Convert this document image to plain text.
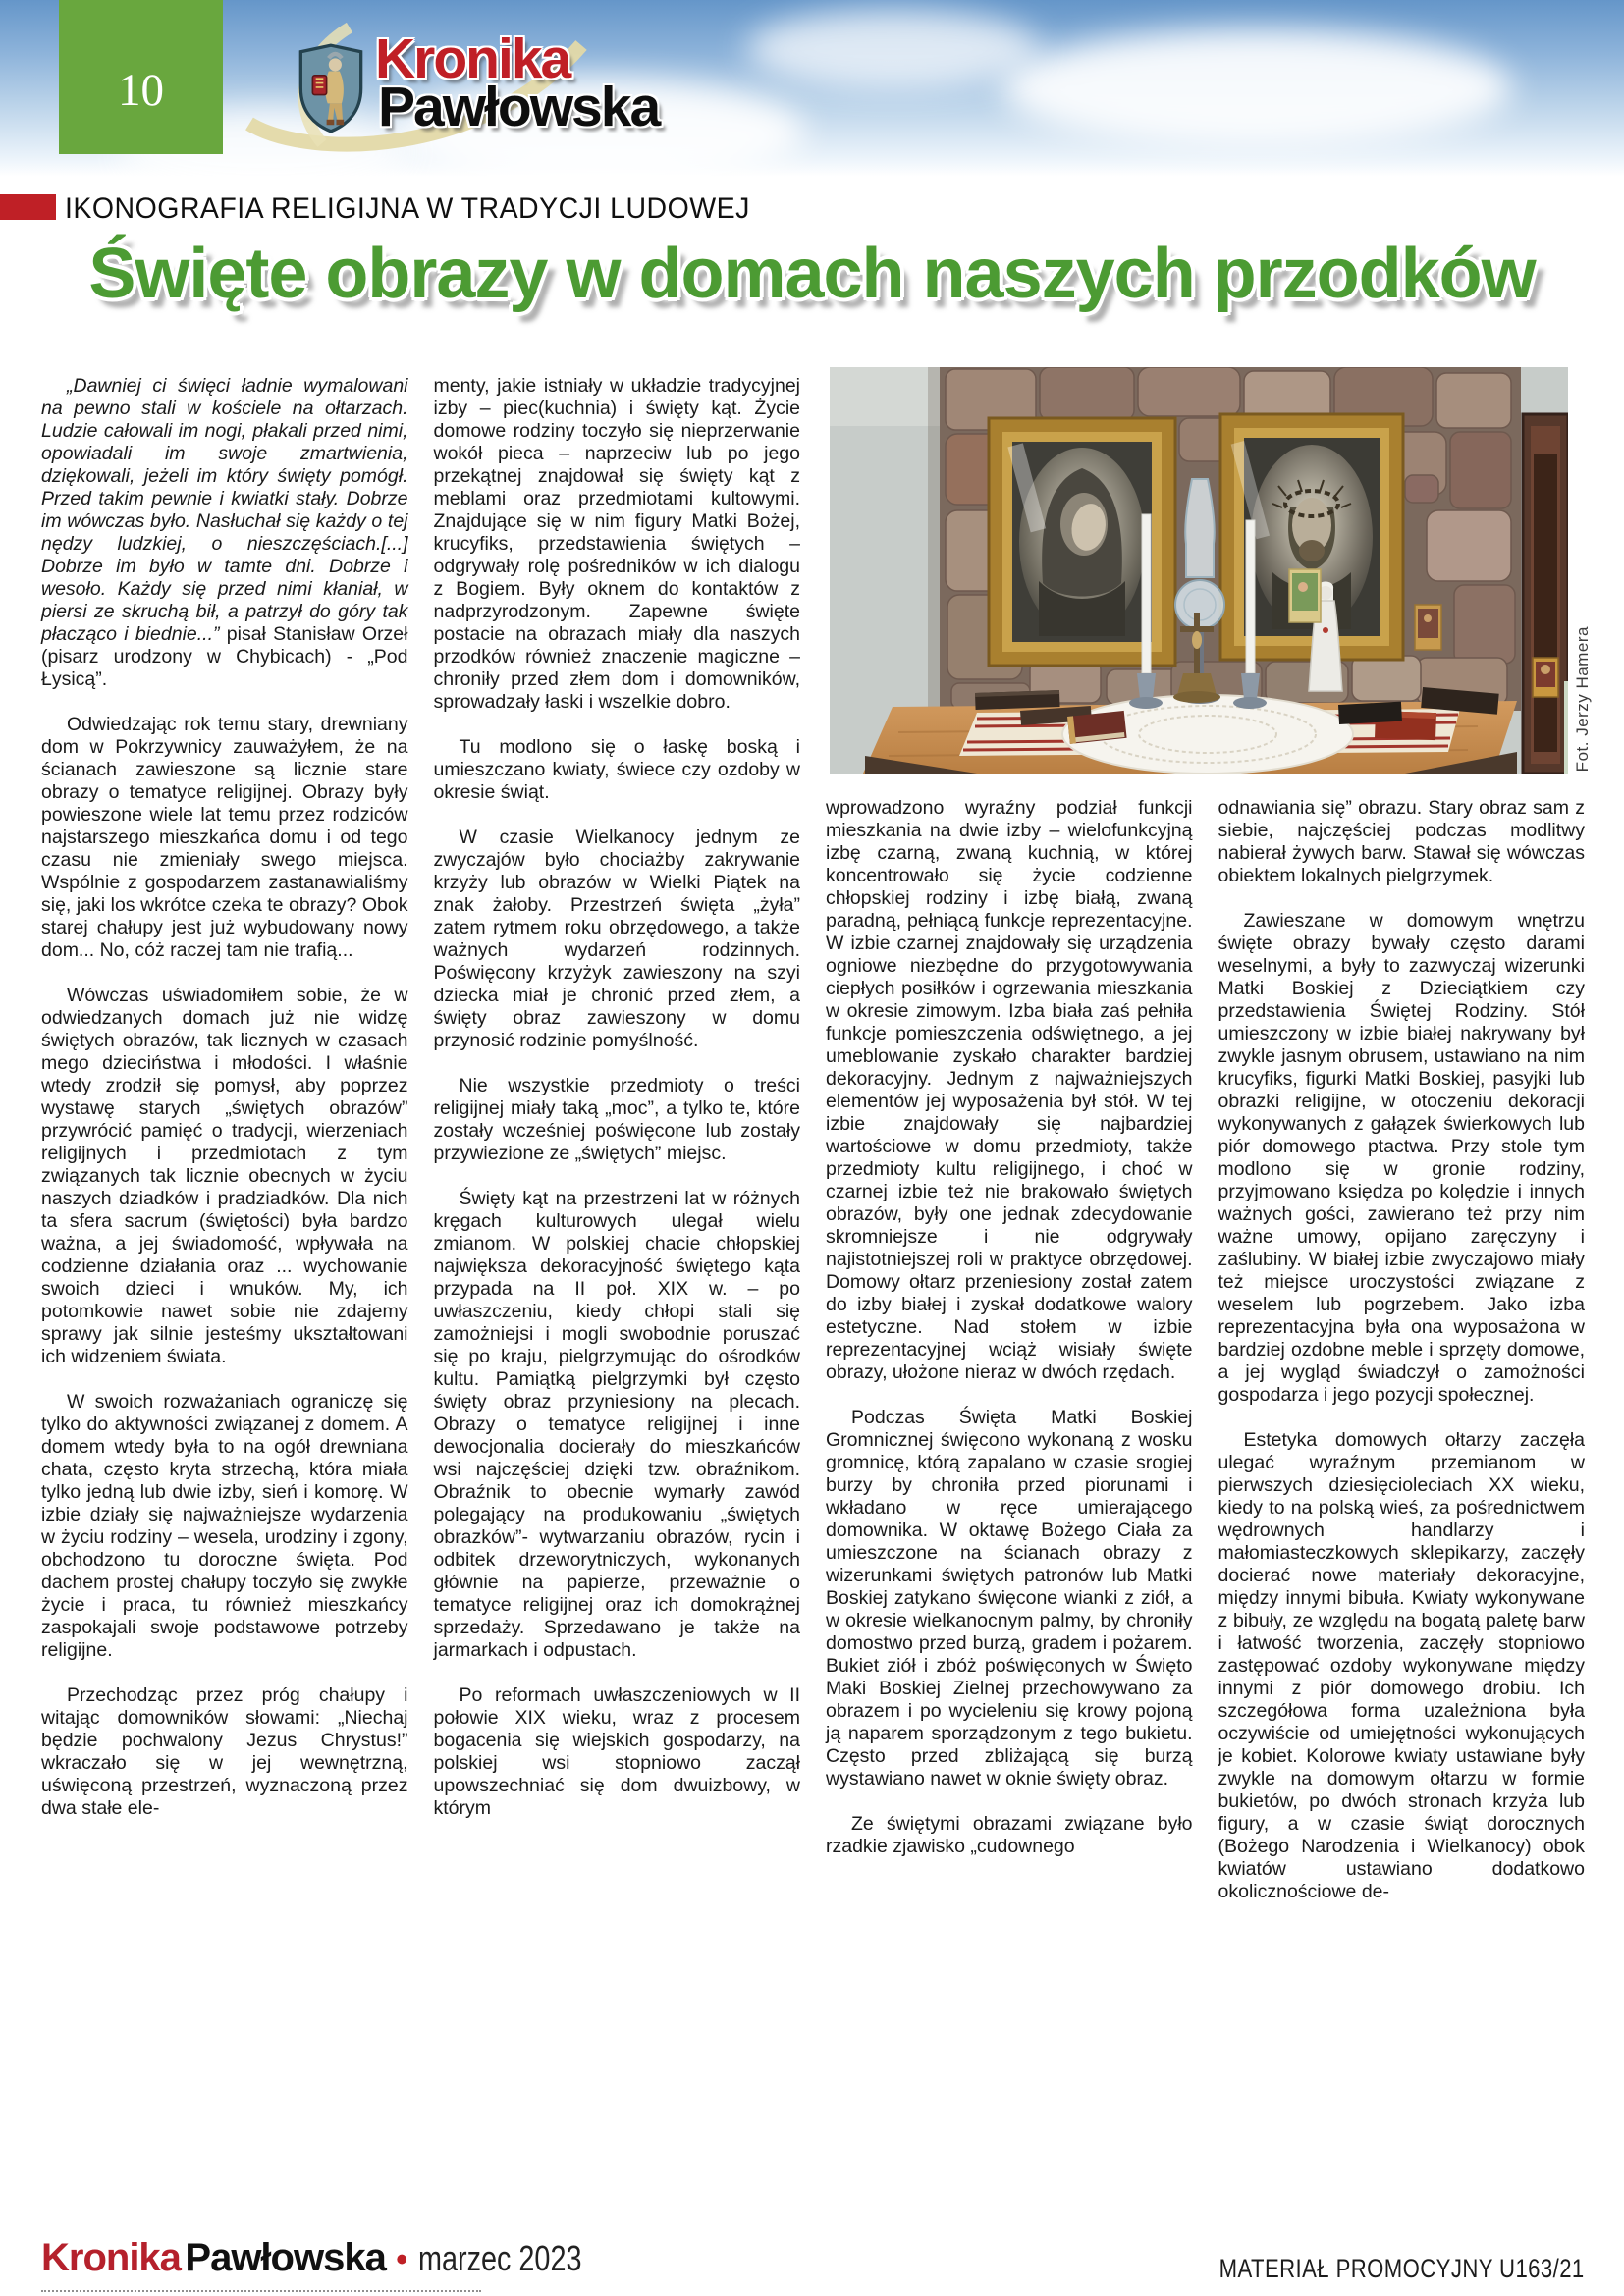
10	Kronika
Pawłowska
IKONOGRAFIA RELIGIJNA W TRADYCJI LUDOWEJ
Święte obrazy w domach naszych przodków
Fot. Jerzy Hamera

„Dawniej ci święci ładnie wymalowani na pewno stali w kościele na ołtarzach. Ludzie całowali im nogi, płakali przed nimi, opowiadali im swoje zmartwienia, dziękowali, jeżeli im który święty pomógł. Przed takim pewnie i kwiatki stały. Dobrze im wówczas było. Nasłuchał się każdy o tej nędzy ludzkiej, o nieszczęściach.[...] Dobrze im było w tamte dni. Dobrze i wesoło. Każdy się przed nimi kłaniał, w piersi ze skruchą bił, a patrzył do góry tak płacząco i biednie...” pisał Stanisław Orzeł (pisarz urodzony w Chybicach) - „Pod Łysicą”.

Odwiedzając rok temu stary, drewniany dom w Pokrzywnicy zauważyłem, że na ścianach zawieszone są licznie stare obrazy o tematyce religijnej. Obrazy były powieszone wiele lat temu przez rodziców najstarszego mieszkańca domu i od tego czasu nie zmieniały swego miejsca. Wspólnie z gospodarzem zastanawialiśmy się, jaki los wkrótce czeka te obrazy? Obok starej chałupy jest już wybudowany nowy dom... No, cóż raczej tam nie trafią...

Wówczas uświadomiłem sobie, że w odwiedzanych domach już nie widzę świętych obrazów, tak licznych w czasach mego dzieciństwa i młodości. I właśnie wtedy zrodził się pomysł, aby poprzez wystawę starych „świętych obrazów” przywrócić pamięć o tradycji, wierzeniach religijnych i przedmiotach z tym związanych tak licznie obecnych w życiu naszych dziadków i pradziadków. Dla nich ta sfera sacrum (świętości) była bardzo ważna, a jej świadomość, wpływała na codzienne działania oraz ... wychowanie swoich dzieci i wnuków. My, ich potomkowie nawet sobie nie zdajemy sprawy jak silnie jesteśmy ukształtowani ich widzeniem świata.

W swoich rozważaniach ograniczę się tylko do aktywności związanej z domem. A domem wtedy była to na ogół drewniana chata, często kryta strzechą, która miała tylko jedną lub dwie izby, sień i komorę. W izbie działy się najważniejsze wydarzenia w życiu rodziny – wesela, urodziny i zgony, obchodzono tu doroczne święta. Pod dachem prostej chałupy toczyło się zwykłe życie i praca, tu również mieszkańcy zaspokajali swoje podstawowe potrzeby religijne.

Przechodząc przez próg chałupy i witając domowników słowami: „Niechaj będzie pochwalony Jezus Chrystus!” wkraczało się w jej wewnętrzną, uświęconą przestrzeń, wyznaczoną przez dwa stałe ele-

menty, jakie istniały w układzie tradycyjnej izby – piec(kuchnia) i święty kąt. Życie domowe rodziny toczyło się nieprzerwanie wokół pieca – naprzeciw lub po jego przekątnej znajdował się święty kąt z meblami oraz przedmiotami kultowymi. Znajdujące się w nim figury Matki Bożej, krucyfiks, przedstawienia świętych – odgrywały rolę pośredników w ich dialogu z Bogiem. Były oknem do kontaktów z nadprzyrodzonym. Zapewne święte postacie na obrazach miały dla naszych przodków również znaczenie magiczne – chroniły przed złem dom i domowników, sprowadzały łaski i wszelkie dobro.

Tu modlono się o łaskę boską i umieszczano kwiaty, świece czy ozdoby w okresie świąt.

W czasie Wielkanocy jednym ze zwyczajów było chociażby zakrywanie krzyży lub obrazów w Wielki Piątek na znak żałoby. Przestrzeń święta „żyła” zatem rytmem roku obrzędowego, a także ważnych wydarzeń rodzinnych. Poświęcony krzyżyk zawieszony na szyi dziecka miał je chronić przed złem, a święty obraz zawieszony w domu przynosić rodzinie pomyślność.

Nie wszystkie przedmioty o treści religijnej miały taką „moc”, a tylko te, które zostały wcześniej poświęcone lub zostały przywiezione ze „świętych” miejsc.

Święty kąt na przestrzeni lat w różnych kręgach kulturowych ulegał wielu zmianom. W polskiej chacie chłopskiej największa dekoracyjność świętego kąta przypada na II poł. XIX w. – po uwłaszczeniu, kiedy chłopi stali się zamożniejsi i mogli swobodnie poruszać się po kraju, pielgrzymując do ośrodków kultu. Pamiątką pielgrzymki był często święty obraz przyniesiony na plecach. Obrazy o tematyce religijnej i inne dewocjonalia docierały do mieszkańców wsi najczęściej dzięki tzw. obraźnikom. Obraźnik to obecnie wymarły zawód polegający na produkowaniu „świętych obrazków”- wytwarzaniu obrazów, rycin i odbitek drzeworytniczych, wykonanych głównie na papierze, przeważnie o tematyce religijnej oraz ich domokrążnej sprzedaży. Sprzedawano je także na jarmarkach i odpustach.

Po reformach uwłaszczeniowych w II połowie XIX wieku, wraz z procesem bogacenia się wiejskich gospodarzy, na polskiej wsi stopniowo zaczął upowszechniać się dom dwuizbowy, w którym

wprowadzono wyraźny podział funkcji mieszkania na dwie izby – wielofunkcyjną izbę czarną, zwaną kuchnią, w której koncentrowało się życie codzienne chłopskiej rodziny i izbę białą, zwaną paradną, pełniącą funkcje reprezentacyjne. W izbie czarnej znajdowały się urządzenia ogniowe niezbędne do przygotowywania ciepłych posiłków i ogrzewania mieszkania w okresie zimowym. Izba biała zaś pełniła funkcje pomieszczenia odświętnego, a jej umeblowanie zyskało charakter bardziej dekoracyjny. Jednym z najważniejszych elementów jej wyposażenia był stół. W tej izbie znajdowały się najbardziej wartościowe w domu przedmioty, także przedmioty kultu religijnego, i choć w czarnej izbie też nie brakowało świętych obrazów, były one jednak zdecydowanie skromniejsze i nie odgrywały najistotniejszej roli w praktyce obrzędowej. Domowy ołtarz przeniesiony został zatem do izby białej i zyskał dodatkowe walory estetyczne. Nad stołem w izbie reprezentacyjnej wciąż wisiały święte obrazy, ułożone nieraz w dwóch rzędach.

Podczas Święta Matki Boskiej Gromnicznej święcono wykonaną z wosku gromnicę, którą zapalano w czasie srogiej burzy by chroniła przed piorunami i wkładano w ręce umierającego domownika. W oktawę Bożego Ciała za umieszczone na ścianach obrazy z wizerunkami świętych patronów lub Matki Boskiej zatykano święcone wianki z ziół, a w okresie wielkanocnym palmy, by chroniły domostwo przed burzą, gradem i pożarem. Bukiet ziół i zbóż poświęconych w Święto Maki Boskiej Zielnej przechowywano za obrazem i po wycieleniu się krowy pojoną ją naparem sporządzonym z tego bukietu. Często przed zbliżającą się burzą wystawiano nawet w oknie święty obraz.

Ze świętymi obrazami związane było rzadkie zjawisko „cudownego

odnawiania się” obrazu. Stary obraz sam z siebie, najczęściej podczas modlitwy nabierał żywych barw. Stawał się wówczas obiektem lokalnych pielgrzymek.

Zawieszane w domowym wnętrzu święte obrazy bywały często darami weselnymi, a były to zazwyczaj wizerunki Matki Boskiej z Dzieciątkiem czy przedstawienia Świętej Rodziny. Stół umieszczony w izbie białej nakrywany był zwykle jasnym obrusem, ustawiano na nim krucyfiks, figurki Matki Boskiej, pasyjki lub obrazki religijne, w otoczeniu dekoracji wykonywanych z gałązek świerkowych lub piór domowego ptactwa. Przy stole tym modlono się w gronie rodziny, przyjmowano księdza po kolędzie i innych ważnych gości, zawierano też przy nim ważne umowy, opijano zaręczyny i zaślubiny. W białej izbie zwyczajowo miały też miejsce uroczystości związane z weselem lub pogrzebem. Jako izba reprezentacyjna była ona wyposażona w bardziej ozdobne meble i sprzęty domowe, a jej wygląd świadczył o zamożności gospodarza i jego pozycji społecznej.

Estetyka domowych ołtarzy zaczęła ulegać wyraźnym przemianom w pierwszych dziesięcioleciach XX wieku, kiedy to na polską wieś, za pośrednictwem wędrownych handlarzy i małomiasteczkowych sklepikarzy, zaczęły docierać nowe materiały dekoracyjne, między innymi bibuła. Kwiaty wykonywane z bibuły, ze względu na bogatą paletę barw i łatwość tworzenia, zaczęły stopniowo zastępować ozdoby wykonywane między innymi z piór domowego drobiu. Ich szczegółowa forma uzależniona była oczywiście od umiejętności wykonujących je kobiet. Kolorowe kwiaty ustawiane były zwykle na domowym ołtarzu w formie bukietów, po dwóch stronach krzyża lub figury, a w czasie świąt dorocznych (Bożego Narodzenia i Wielkanocy) obok kwiatów ustawiano dodatkowo okolicznościowe de-

Kronika Pawłowska • marzec 2023	MATERIAŁ PROMOCYJNY U163/21
